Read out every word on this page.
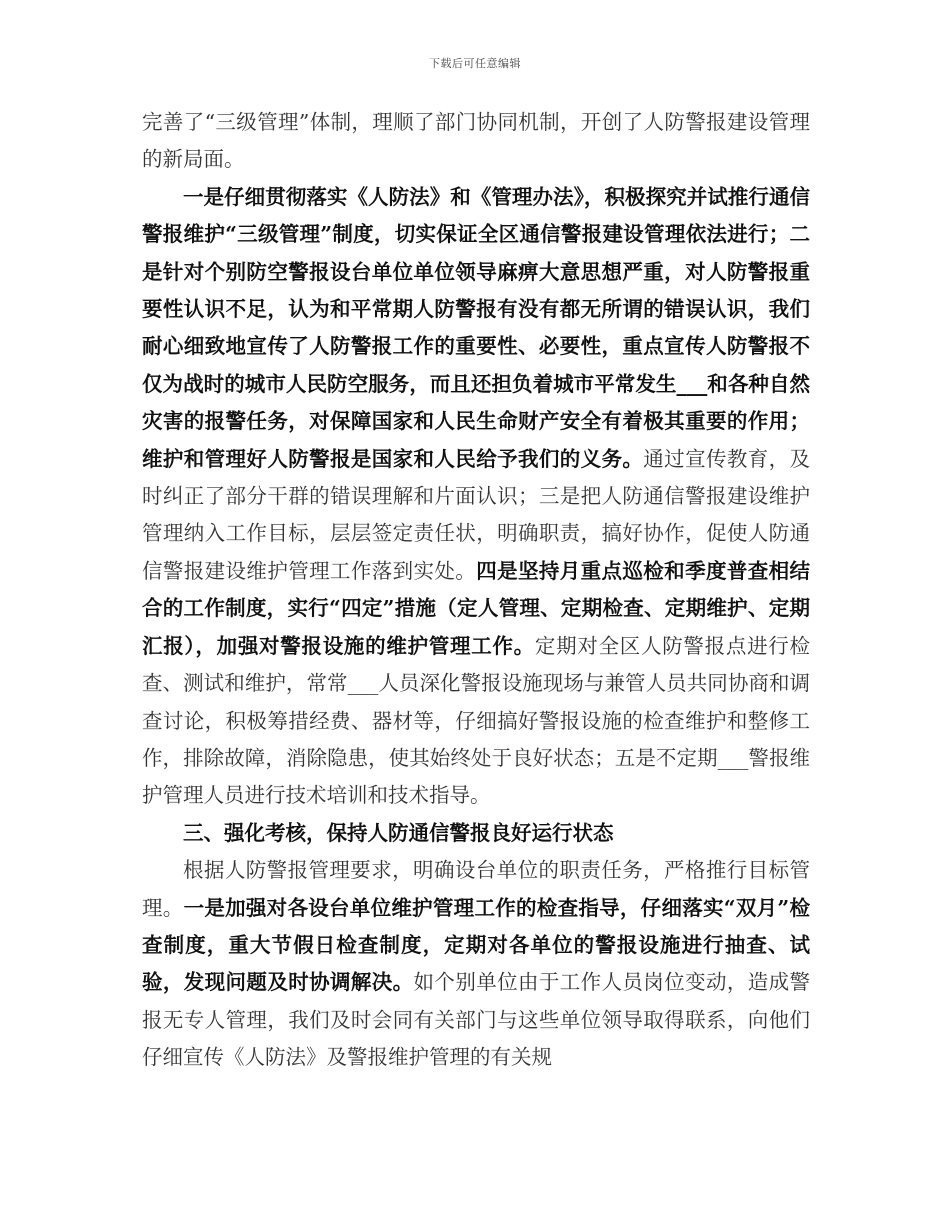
下载后可任意编辑

完善了“三级管理”体制，理顺了部门协同机制，开创了人防警报建设管理的新局面。

一是仔细贯彻落实《人防法》和《管理办法》，积极探究并试推行通信警报维护“三级管理”制度，切实保证全区通信警报建设管理依法进行；二是针对个别防空警报设台单位单位领导麻痹大意思想严重，对人防警报重要性认识不足，认为和平常期人防警报有没有都无所谓的错误认识，我们耐心细致地宣传了人防警报工作的重要性、必要性，重点宣传人防警报不仅为战时的城市人民防空服务，而且还担负着城市平常发生___和各种自然灾害的报警任务，对保障国家和人民生命财产安全有着极其重要的作用；维护和管理好人防警报是国家和人民给予我们的义务。通过宣传教育，及时纠正了部分干群的错误理解和片面认识；三是把人防通信警报建设维护管理纳入工作目标，层层签定责任状，明确职责，搞好协作，促使人防通信警报建设维护管理工作落到实处。四是坚持月重点巡检和季度普查相结合的工作制度，实行“四定”措施（定人管理、定期检查、定期维护、定期汇报），加强对警报设施的维护管理工作。定期对全区人防警报点进行检查、测试和维护，常常___人员深化警报设施现场与兼管人员共同协商和调查讨论，积极筹措经费、器材等，仔细搞好警报设施的检查维护和整修工作，排除故障，消除隐患，使其始终处于良好状态；五是不定期___警报维护管理人员进行技术培训和技术指导。

三、强化考核，保持人防通信警报良好运行状态

根据人防警报管理要求，明确设台单位的职责任务，严格推行目标管理。一是加强对各设台单位维护管理工作的检查指导，仔细落实“双月”检查制度，重大节假日检查制度，定期对各单位的警报设施进行抽查、试验，发现问题及时协调解决。如个别单位由于工作人员岗位变动，造成警报无专人管理，我们及时会同有关部门与这些单位领导取得联系，向他们仔细宣传《人防法》及警报维护管理的有关规
